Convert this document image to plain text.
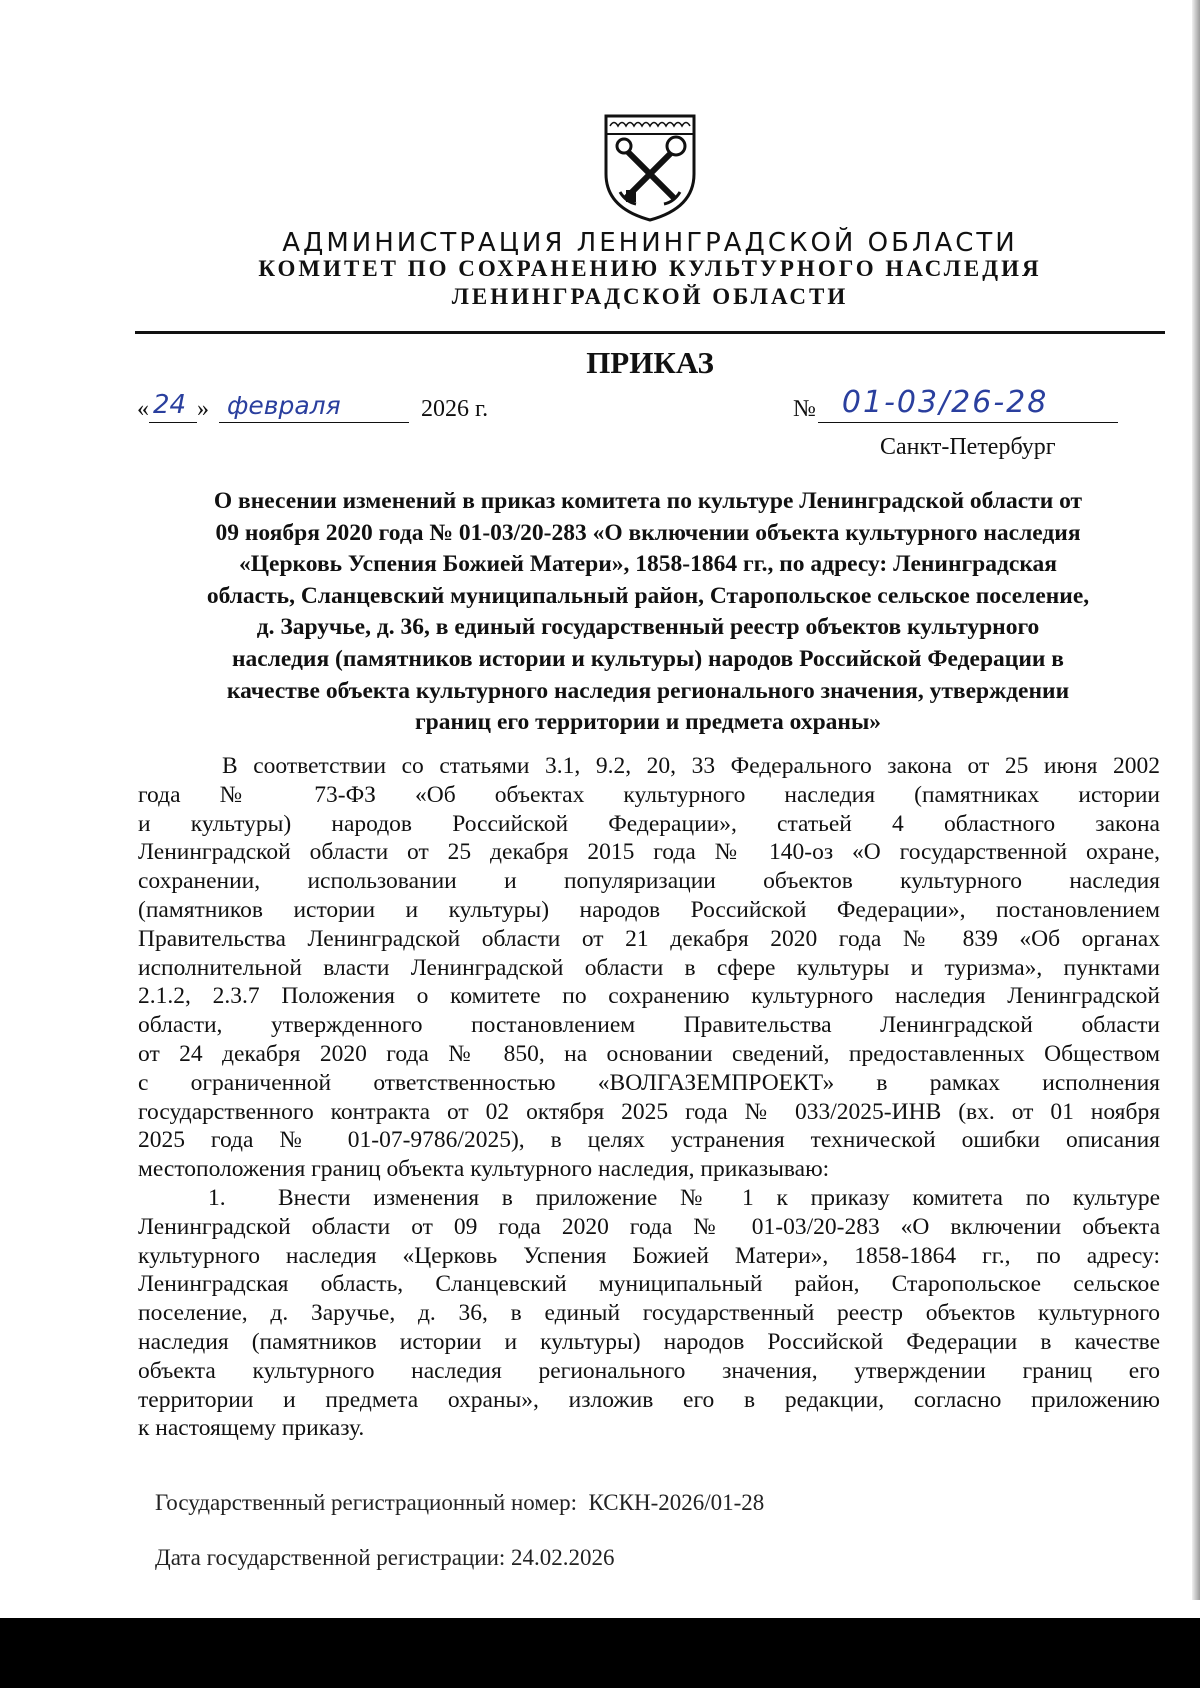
АДМИНИСТРАЦИЯ ЛЕНИНГРАДСКОЙ ОБЛАСТИ
КОМИТЕТ ПО СОХРАНЕНИЮ КУЛЬТУРНОГО НАСЛЕДИЯ
ЛЕНИНГРАДСКОЙ ОБЛАСТИ
ПРИКАЗ
« 24 » февраля	2026 г.	№ 01-03/26-28
Санкт-Петербург
О внесении изменений в приказ комитета по культуре Ленинградской области от
09 ноября 2020 года № 01-03/20-283 «О включении объекта культурного наследия
«Церковь Успения Божией Матери», 1858-1864 гг., по адресу: Ленинградская
область, Сланцевский муниципальный район, Старопольское сельское поселение,
д. Заручье, д. 36, в единый государственный реестр объектов культурного
наследия (памятников истории и культуры) народов Российской Федерации в
качестве объекта культурного наследия регионального значения, утверждении
границ его территории и предмета охраны»
В соответствии со статьями 3.1, 9.2, 20, 33 Федерального закона от 25 июня 2002
года № 73-ФЗ «Об объектах культурного наследия (памятниках истории
и культуры) народов Российской Федерации», статьей 4 областного закона
Ленинградской области от 25 декабря 2015 года № 140-оз «О государственной охране,
сохранении, использовании и популяризации объектов культурного наследия
(памятников истории и культуры) народов Российской Федерации», постановлением
Правительства Ленинградской области от 21 декабря 2020 года № 839 «Об органах
исполнительной власти Ленинградской области в сфере культуры и туризма», пунктами
2.1.2, 2.3.7 Положения о комитете по сохранению культурного наследия Ленинградской
области, утвержденного постановлением Правительства Ленинградской области
от 24 декабря 2020 года № 850, на основании сведений, предоставленных Обществом
с ограниченной ответственностью «ВОЛГАЗЕМПРОЕКТ» в рамках исполнения
государственного контракта от 02 октября 2025 года № 033/2025-ИНВ (вх. от 01 ноября
2025 года № 01-07-9786/2025), в целях устранения технической ошибки описания
местоположения границ объекта культурного наследия, приказываю:
1. Внести изменения в приложение № 1 к приказу комитета по культуре
Ленинградской области от 09 года 2020 года № 01-03/20-283 «О включении объекта
культурного наследия «Церковь Успения Божией Матери», 1858-1864 гг., по адресу:
Ленинградская область, Сланцевский муниципальный район, Старопольское сельское
поселение, д. Заручье, д. 36, в единый государственный реестр объектов культурного
наследия (памятников истории и культуры) народов Российской Федерации в качестве
объекта культурного наследия регионального значения, утверждении границ его
территории и предмета охраны», изложив его в редакции, согласно приложению
к настоящему приказу.
Государственный регистрационный номер: КСКН-2026/01-28
Дата государственной регистрации: 24.02.2026
